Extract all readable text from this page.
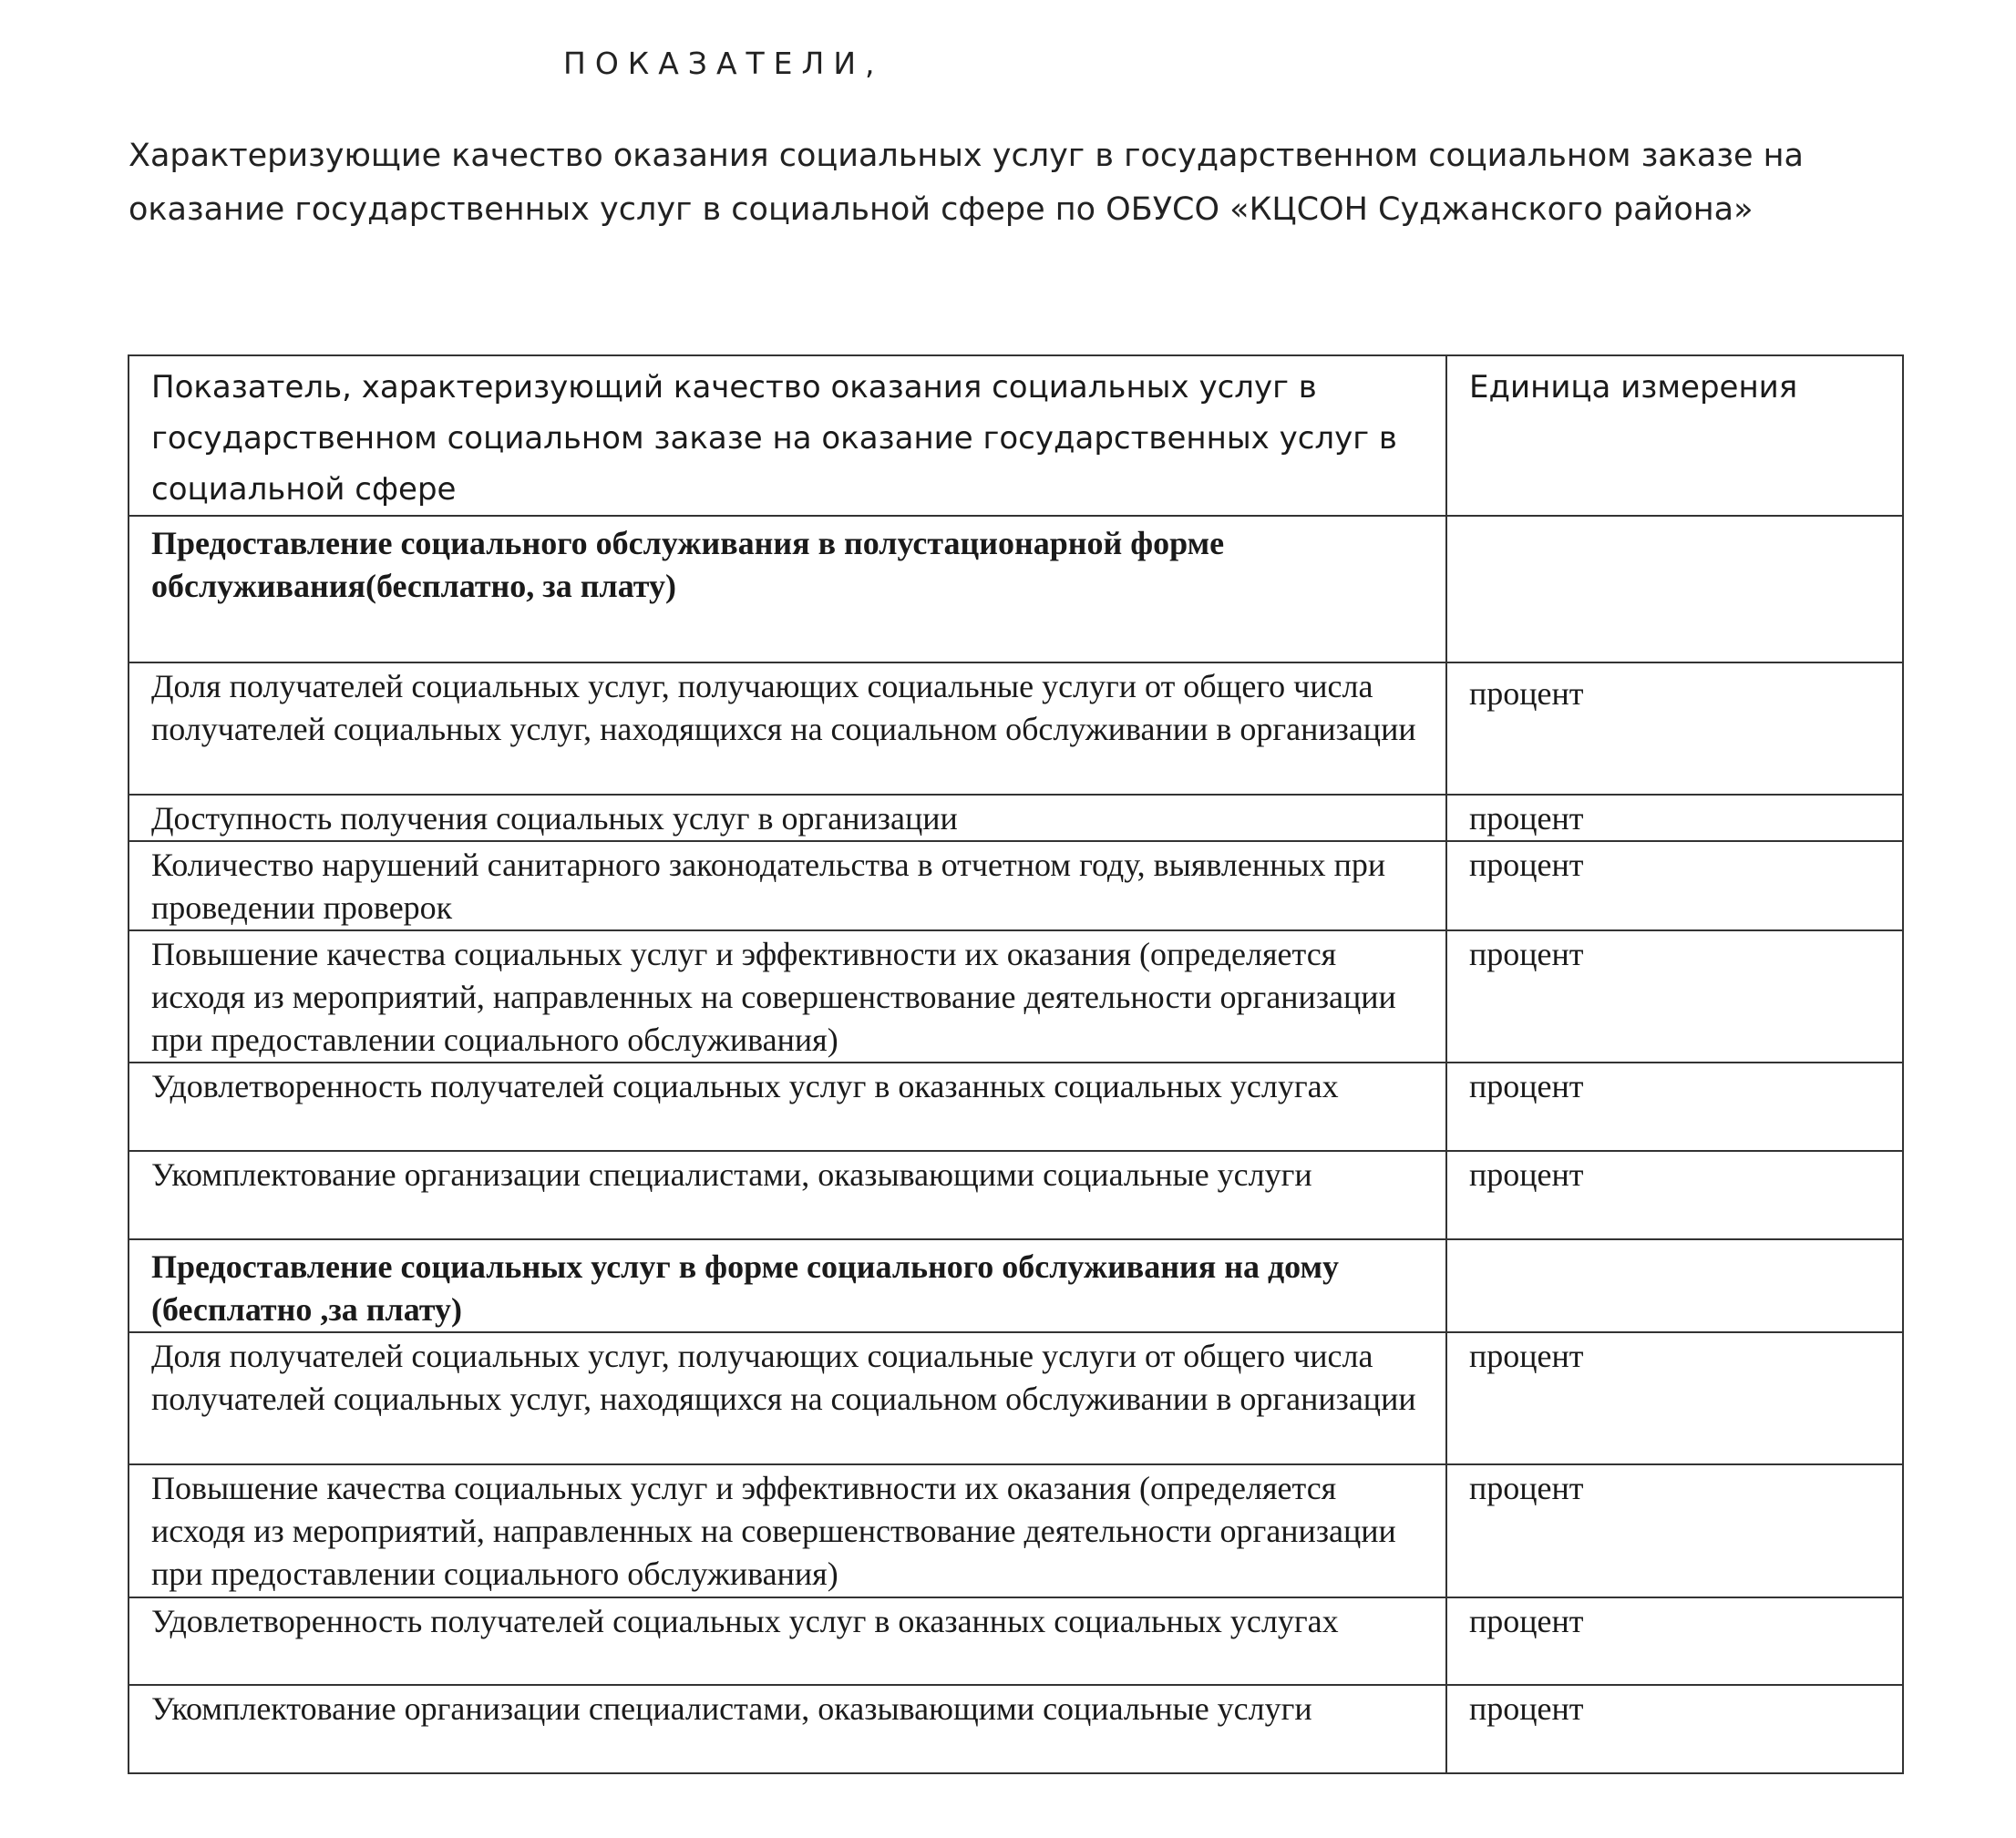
ПОКАЗАТЕЛИ,
Характеризующие качество оказания социальных услуг в государственном социальном заказе на
оказание государственных услуг в социальной сфере по ОБУСО «КЦСОН Суджанского района»
Показатель, характеризующий качество оказания социальных услуг в государственном социальном заказе на оказание государственных услуг в социальной сфере	Единица измерения

Предоставление социального обслуживания в полустационарной форме обслуживания(бесплатно, за плату)	

Доля получателей социальных услуг, получающих социальные услуги от общего числа получателей социальных услуг, находящихся на социальном обслуживании в организации	процент

Доступность получения социальных услуг в организации	процент

Количество нарушений санитарного законодательства в отчетном году, выявленных при проведении проверок	процент

Повышение качества социальных услуг и эффективности их оказания (определяется исходя из мероприятий, направленных на совершенствование деятельности организации при предоставлении социального обслуживания)	процент

Удовлетворенность получателей социальных услуг в оказанных социальных услугах	процент

Укомплектование организации специалистами, оказывающими социальные услуги	процент

Предоставление социальных услуг в форме социального обслуживания на дому (бесплатно ,за плату)	

Доля получателей социальных услуг, получающих социальные услуги от общего числа получателей социальных услуг, находящихся на социальном обслуживании в организации	процент

Повышение качества социальных услуг и эффективности их оказания (определяется исходя из мероприятий, направленных на совершенствование деятельности организации при предоставлении социального обслуживания)	процент

Удовлетворенность получателей социальных услуг в оказанных социальных услугах	процент

Укомплектование организации специалистами, оказывающими социальные услуги	процент
